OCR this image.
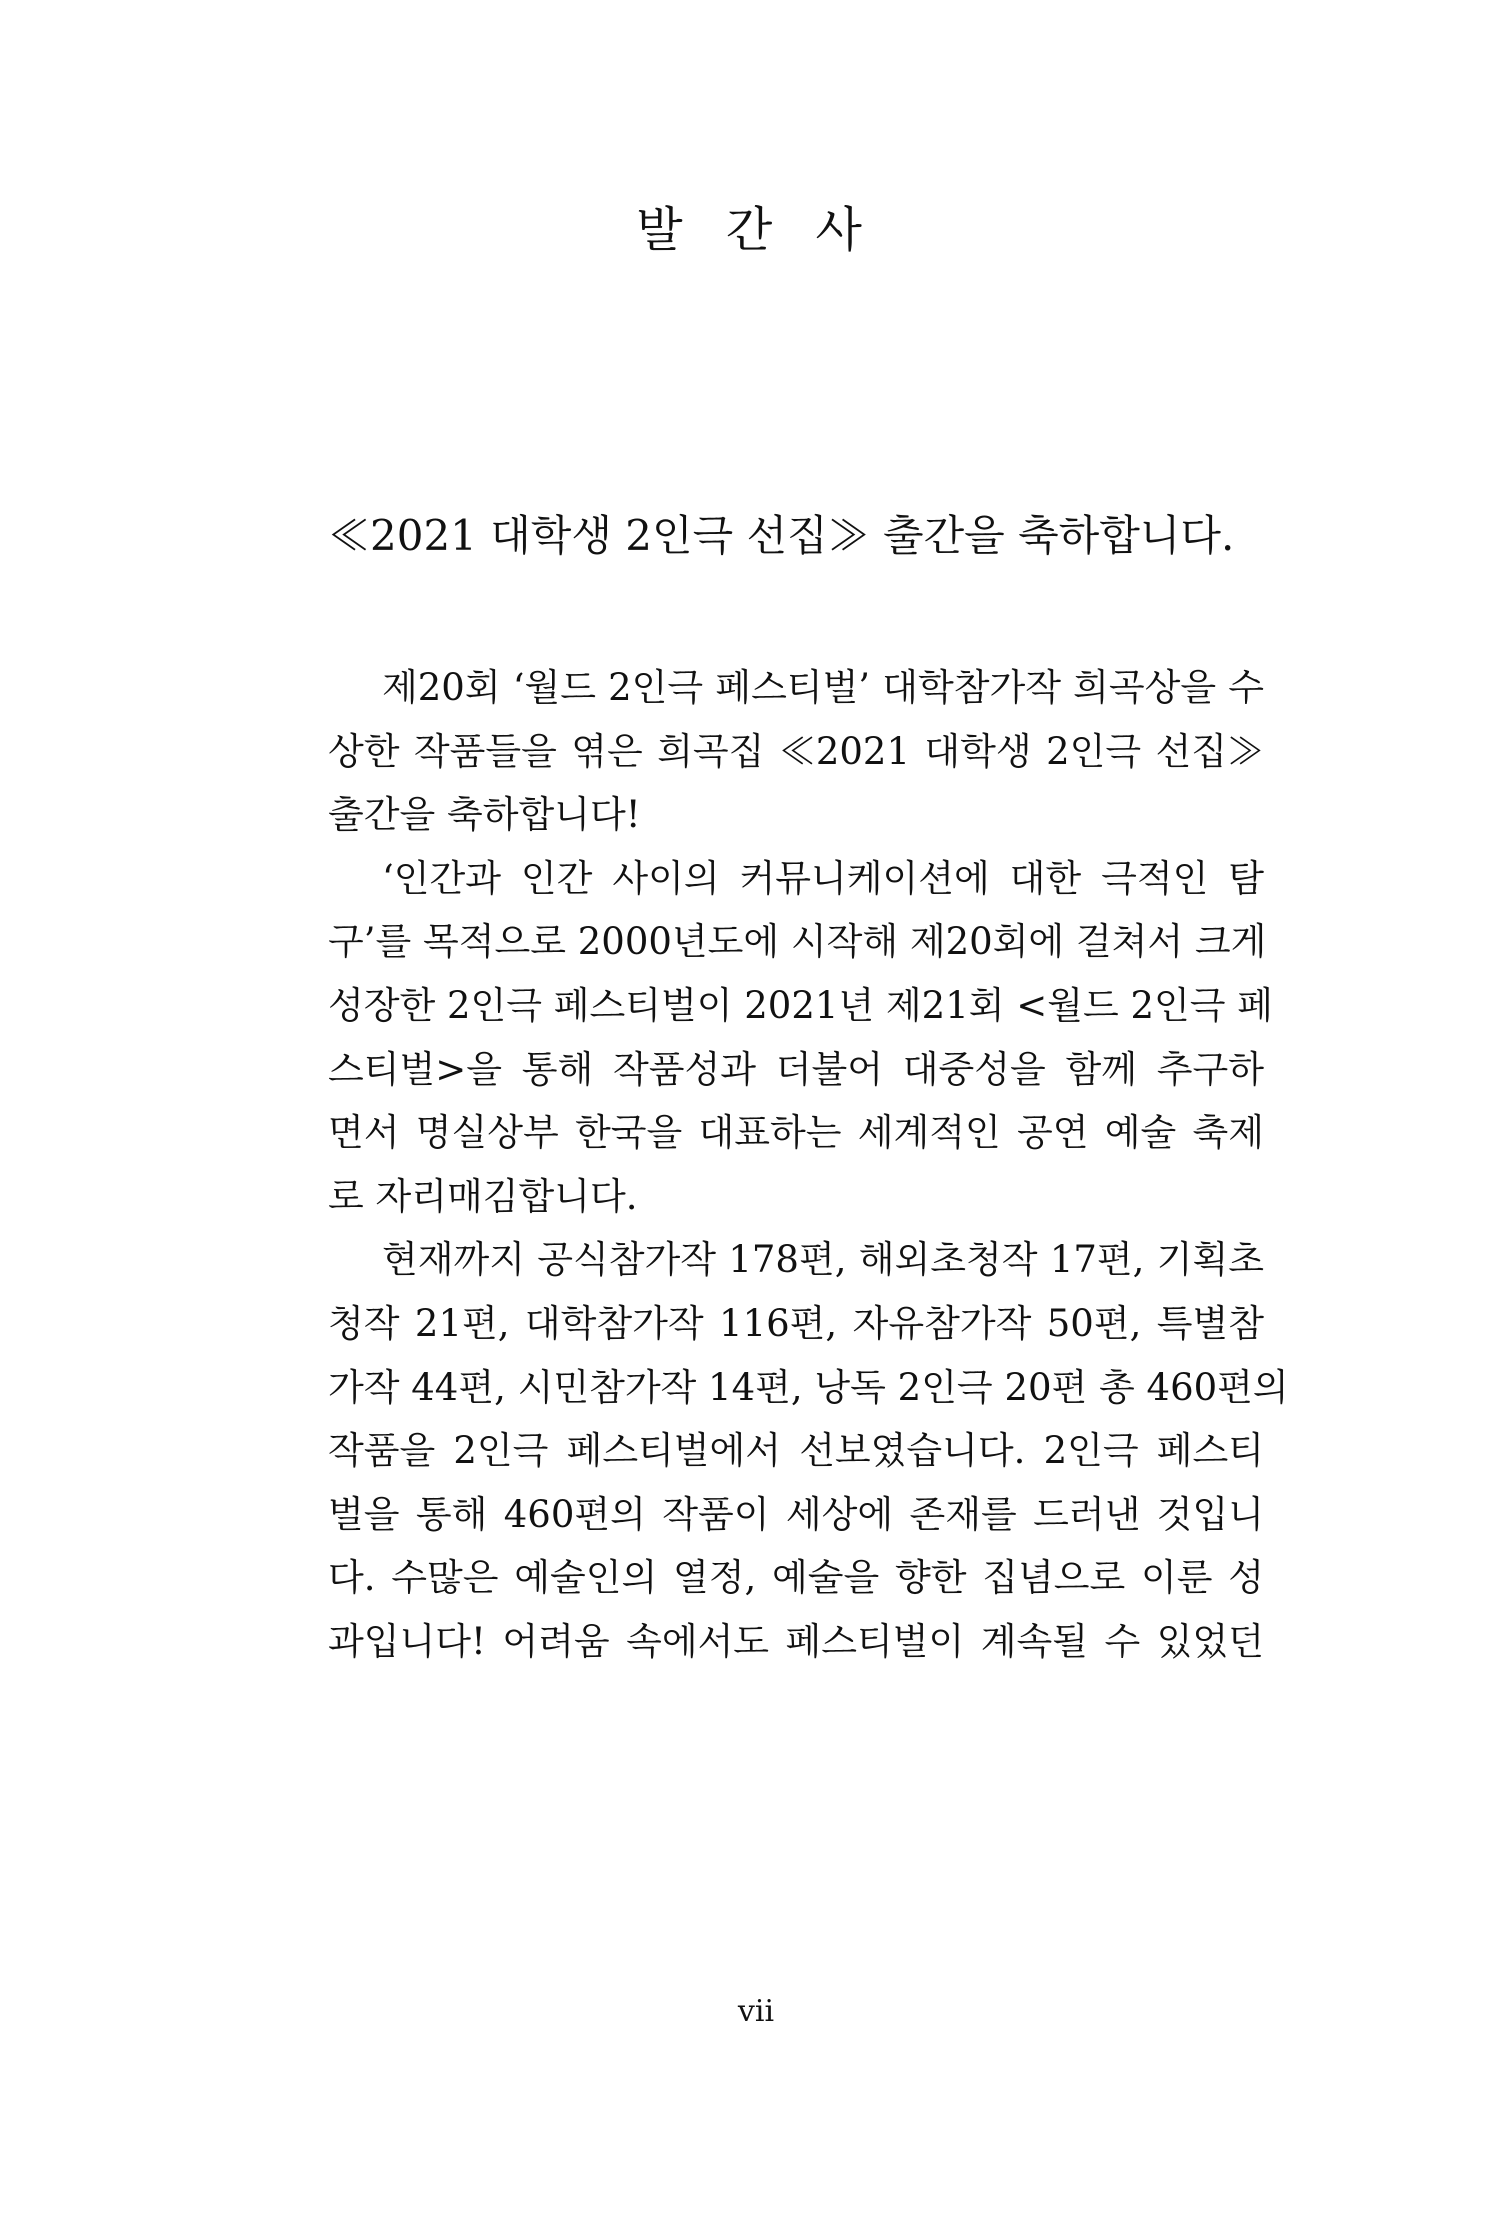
발 간 사
≪2021 대학생 2인극 선집≫ 출간을 축하합니다.
제20회 ‘월드 2인극 페스티벌’ 대학참가작 희곡상을 수
상한 작품들을 엮은 희곡집 ≪2021 대학생 2인극 선집≫
출간을 축하합니다!
‘인간과 인간 사이의 커뮤니케이션에 대한 극적인 탐
구’를 목적으로 2000년도에 시작해 제20회에 걸쳐서 크게
성장한 2인극 페스티벌이 2021년 제21회 <월드 2인극 페
스티벌>을 통해 작품성과 더불어 대중성을 함께 추구하
면서 명실상부 한국을 대표하는 세계적인 공연 예술 축제
로 자리매김합니다.
현재까지 공식참가작 178편, 해외초청작 17편, 기획초
청작 21편, 대학참가작 116편, 자유참가작 50편, 특별참
가작 44편, 시민참가작 14편, 낭독 2인극 20편 총 460편의
작품을 2인극 페스티벌에서 선보였습니다. 2인극 페스티
벌을 통해 460편의 작품이 세상에 존재를 드러낸 것입니
다. 수많은 예술인의 열정, 예술을 향한 집념으로 이룬 성
과입니다! 어려움 속에서도 페스티벌이 계속될 수 있었던
vii
